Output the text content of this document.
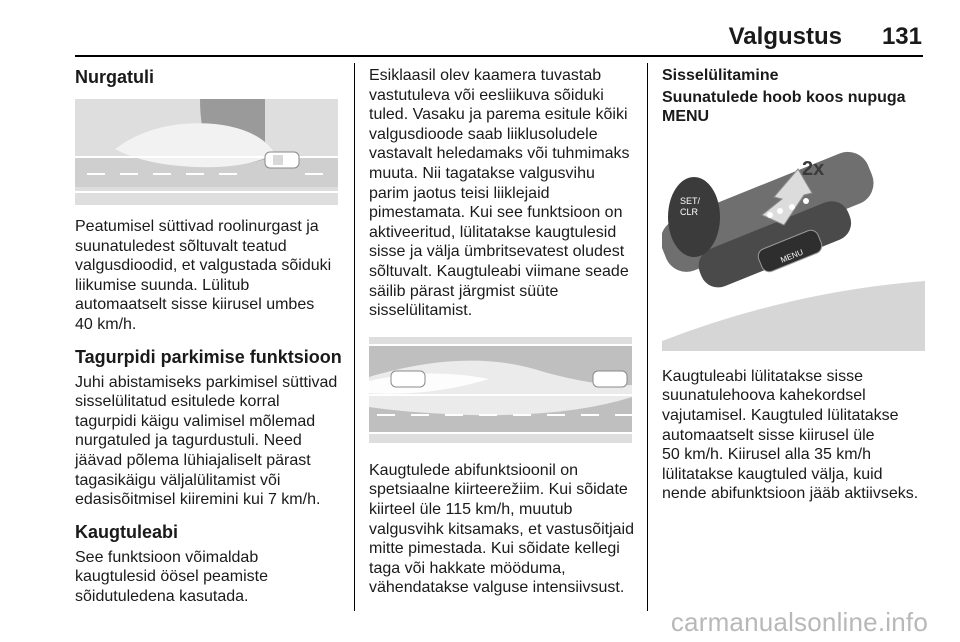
Valgustus 131
Nurgatuli

Peatumisel süttivad roolinurgast ja
suunatuledest sõltuvalt teatud
valgusdioodid, et valgustada sõiduki
liikumise suunda. Lülitub
automaatselt sisse kiirusel umbes
40 km/h.

Tagurpidi parkimise funktsioon

Juhi abistamiseks parkimisel süttivad
sisselülitatud esitulede korral
tagurpidi käigu valimisel mõlemad
nurgatuled ja tagurdustuli. Need
jäävad põlema lühiajaliselt pärast
tagasikäigu väljalülitamist või
edasisõitmisel kiiremini kui 7 km/h.

Kaugtuleabi

See funktsioon võimaldab
kaugtulesid öösel peamiste
sõidutuledena kasutada.

Esiklaasil olev kaamera tuvastab
vastutuleva või eesliikuva sõiduki
tuled. Vasaku ja parema esitule kõiki
valgusdioode saab liiklusoludele
vastavalt heledamaks või tuhmimaks
muuta. Nii tagatakse valgusvihu
parim jaotus teisi liiklejaid
pimestamata. Kui see funktsioon on
aktiveeritud, lülitatakse kaugtulesid
sisse ja välja ümbritsevatest oludest
sõltuvalt. Kaugtuleabi viimane seade
säilib pärast järgmist süüte
sisselülitamist.

Kaugtulede abifunktsioonil on
spetsiaalne kiirteerežiim. Kui sõidate
kiirteel üle 115 km/h, muutub
valgusvihk kitsamaks, et vastusõitjaid
mitte pimestada. Kui sõidate kellegi
taga või hakkate mööduma,
vähendatakse valguse intensiivsust.

Sisselülitamine

Suunatulede hoob koos nupuga
MENU

2x
SET/
CLR
MENU

Kaugtuleabi lülitatakse sisse
suunatulehoova kahekordsel
vajutamisel. Kaugtuled lülitatakse
automaatselt sisse kiirusel üle
50 km/h. Kiirusel alla 35 km/h
lülitatakse kaugtuled välja, kuid
nende abifunktsioon jääb aktiivseks.

carmanualsonline.info
